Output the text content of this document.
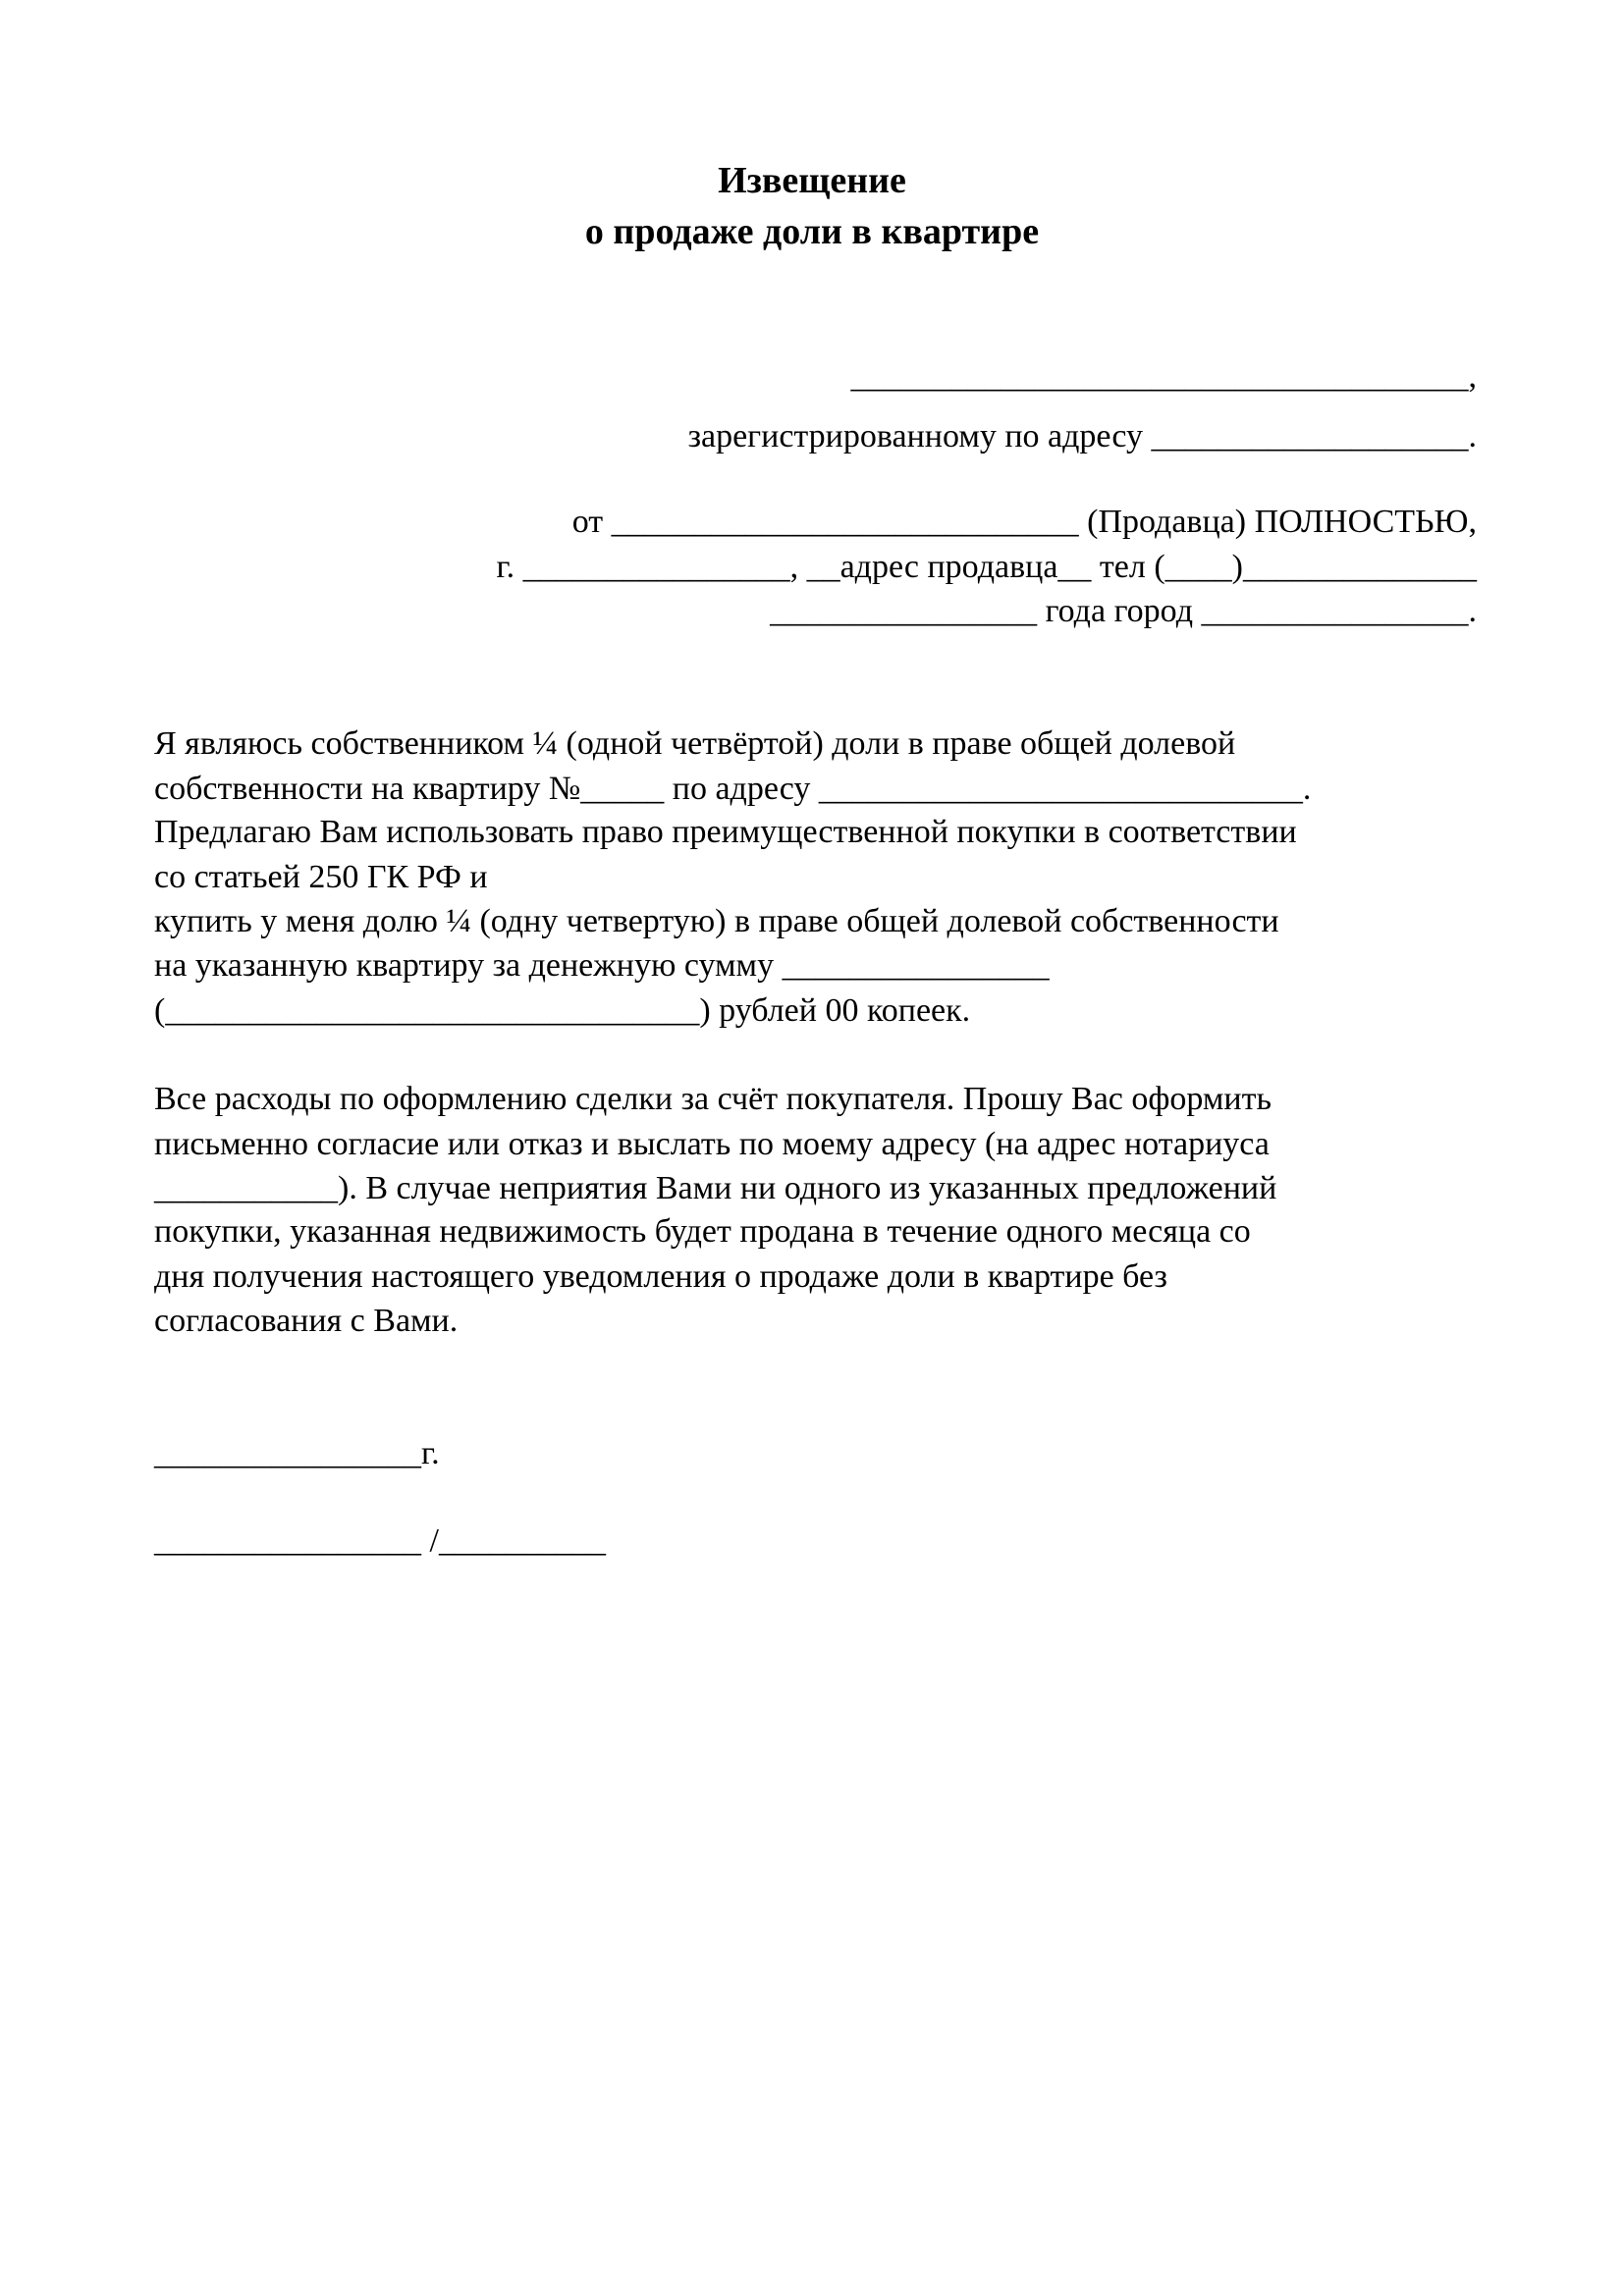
Извещение
о продаже доли в квартире

_____________________________________,

зарегистрированному по адресу ___________________.

от ____________________________ (Продавца) ПОЛНОСТЬЮ,

г. ________________, __адрес продавца__ тел (____)______________

________________ года город ________________.

Я являюсь собственником ¼ (одной четвёртой) доли в праве общей долевой

собственности на квартиру №_____ по адресу _____________________________.

Предлагаю Вам использовать право преимущественной покупки в соответствии

со статьей 250 ГК РФ и

купить у меня долю ¼ (одну четвертую) в праве общей долевой собственности

на указанную квартиру за денежную сумму ________________

(________________________________) рублей 00 копеек.

Все расходы по оформлению сделки за счёт покупателя. Прошу Вас оформить

письменно согласие или отказ и выслать по моему адресу (на адрес нотариуса

___________). В случае неприятия Вами ни одного из указанных предложений

покупки, указанная недвижимость будет продана в течение одного месяца со

дня получения настоящего уведомления о продаже доли в квартире без

согласования с Вами.

________________г.

________________ /__________
